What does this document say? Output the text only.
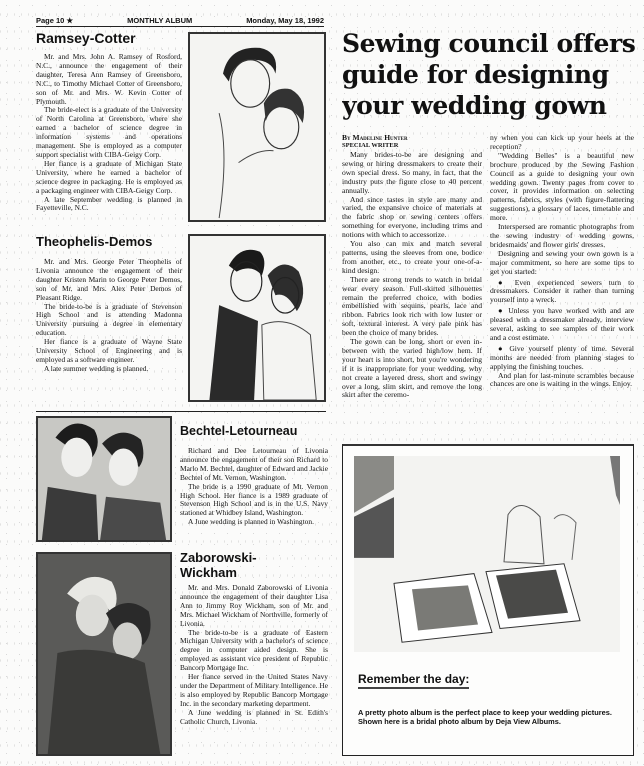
Page 10 ★	MONTHLY ALBUM	Monday, May 18, 1992
Ramsey-Cotter

Mr. and Mrs. John A. Ramsey of Rosford, N.C., announce the engagement of their daughter, Teresa Ann Ramsey of Greensboro, N.C., to Timothy Michael Cotter of Greensboro, son of Mr. and Mrs. W. Kevin Cotter of Plymouth.

The bride-elect is a graduate of the University of North Carolina at Greensboro, where she earned a bachelor of science degree in information systems and operations management. She is employed as a computer support specialist with CIBA-Geigy Corp.

Her fiance is a graduate of Michigan State University, where he earned a bachelor of science degree in packaging. He is employed as a packaging engineer with CIBA-Geigy Corp.

A late September wedding is planned in Fayetteville, N.C.

Theophelis-Demos

Mr. and Mrs. George Peter Theophelis of Livonia announce the engagement of their daughter Kristen Marin to George Peter Demos, son of Mr. and Mrs. Alex Peter Demos of Pleasant Ridge.

The bride-to-be is a graduate of Stevenson High School and is attending Madonna University pursuing a degree in elementary education.

Her fiance is a graduate of Wayne State University School of Engineering and is employed as a software engineer.

A late summer wedding is planned.

Bechtel-Letourneau

Richard and Dee Letourneau of Livonia announce the engagement of their son Richard to Marlo M. Bechtel, daughter of Edward and Jackie Bechtel of Mt. Vernon, Washington.

The bride is a 1990 graduate of Mt. Vernon High School. Her fiance is a 1989 graduate of Stevenson High School and is in the U.S. Navy stationed at Whidbey Island, Washington.

A June wedding is planned in Washington.

Zaborowski-Wickham

Mr. and Mrs. Donald Zaborowski of Livonia announce the engagement of their daughter Lisa Ann to Jimmy Roy Wickham, son of Mr. and Mrs. Michael Wickham of Northville, formerly of Livonia.

The bride-to-be is a graduate of Eastern Michigan University with a bachelor's of science degree in computer aided design. She is employed as assistant vice president of Republic Bancorp Mortgage Inc.

Her fiance served in the United States Navy under the Department of Military Intelligence. He is also employed by Republic Bancorp Mortgage Inc. in the secondary marketing department.

A June wedding is planned in St. Edith's Catholic Church, Livonia.

Sewing council offers guide for designing your wedding gown
By Madeline Hunter
SPECIAL WRITER

Many brides-to-be are designing and sewing or hiring dressmakers to create their own special dress. So many, in fact, that the industry puts the figure close to 40 percent annually.

And since tastes in style are many and varied, the expansive choice of materials at the fabric shop or sewing centers offers something for everyone, including trims and notions with which to accessorize.

You also can mix and match several patterns, using the sleeves from one, bodice from another, etc., to create your one-of-a-kind design.

There are strong trends to watch in bridal wear every season. Full-skirted silhouettes remain the preferred choice, with bodies embellished with sequins, pearls, lace and ribbon. Fabrics look rich with low luster or soft, textural interest. A very pale pink has been the choice of many brides.

The gown can be long, short or even in-between with the varied high/low hem. If your heart is into short, but you're wondering if it is inappropriate for your wedding, why not create a layered dress, short and swingy over a long, slim skirt, and remove the long skirt after the ceremo-

ny when you can kick up your heels at the reception?

"Wedding Belles" is a beautiful new brochure produced by the Sewing Fashion Council as a guide to designing your own wedding gown. Twenty pages from cover to cover, it provides information on selecting patterns, fabrics, styles (with figure-flattering suggestions), a glossary of laces, timetable and more.

Interspersed are romantic photographs from the sewing industry of wedding gowns, bridesmaids' and flower girls' dresses.

Designing and sewing your own gown is a major commitment, so here are some tips to get you started:

● Even experienced sewers turn to dressmakers. Consider it rather than turning yourself into a wreck.

● Unless you have worked with and are pleased with a dressmaker already, interview several, asking to see samples of their work and a cost estimate.

● Give yourself plenty of time. Several months are needed from planning stages to applying the finishing touches.

And plan for last-minute scrambles because chances are one is waiting in the wings. Enjoy.

Remember the day:

A pretty photo album is the perfect place to keep your wedding pictures. Shown here is a bridal photo album by Deja View Albums.
